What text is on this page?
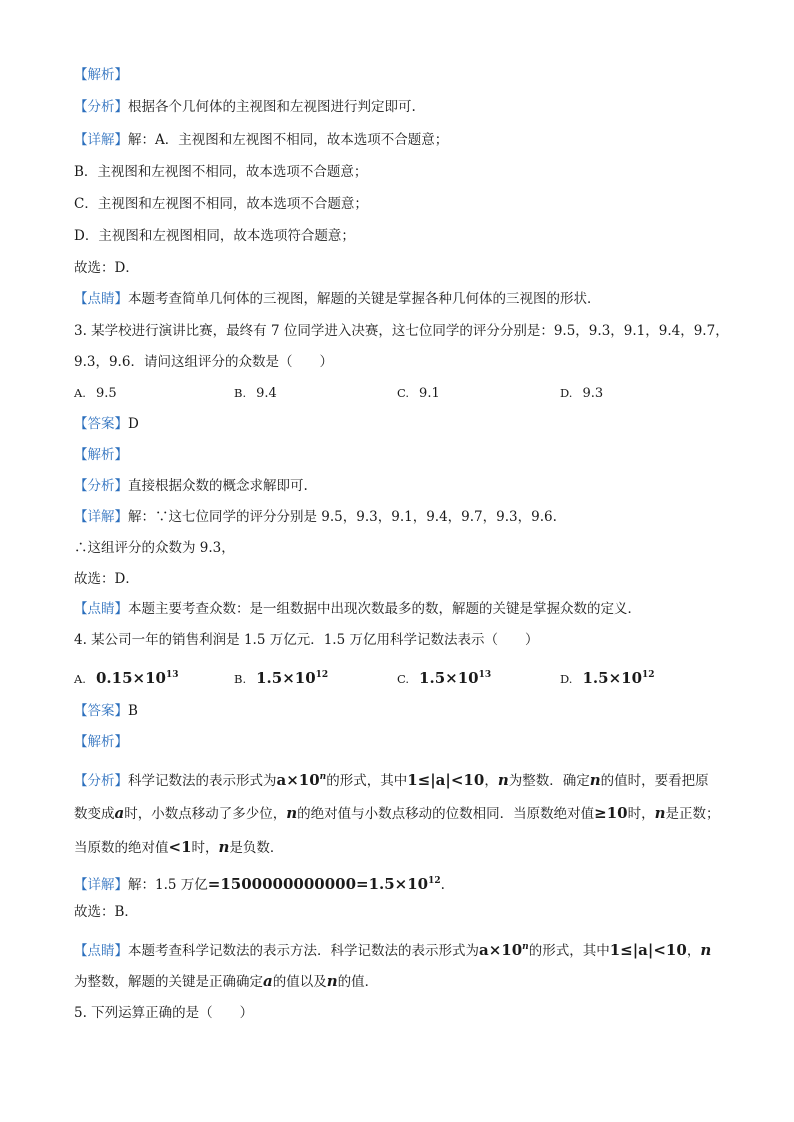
【解析】
【分析】根据各个几何体的主视图和左视图进行判定即可.
【详解】解：A．主视图和左视图不相同，故本选项不合题意；
B．主视图和左视图不相同，故本选项不合题意；
C．主视图和左视图不相同，故本选项不合题意；
D．主视图和左视图相同，故本选项符合题意；
故选：D．
【点睛】本题考查简单几何体的三视图，解题的关键是掌握各种几何体的三视图的形状．
3. 某学校进行演讲比赛，最终有 7 位同学进入决赛，这七位同学的评分分别是：9.5，9.3，9.1，9.4，9.7，
9.3，9.6．请问这组评分的众数是（　　）
A. 9.5	B. 9.4	C. 9.1	D. 9.3
【答案】D
【解析】
【分析】直接根据众数的概念求解即可.
【详解】解：∵这七位同学的评分分别是 9.5，9.3，9.1，9.4，9.7，9.3，9.6.
∴这组评分的众数为 9.3，
故选：D．
【点睛】本题主要考查众数：是一组数据中出现次数最多的数，解题的关键是掌握众数的定义．
4. 某公司一年的销售利润是 1.5 万亿元．1.5 万亿用科学记数法表示（　　）
A. $0.15\times 10^{13}$	B. $1.5\times 10^{12}$	C. $1.5\times 10^{13}$	D. $1.5\times 10^{12}$
【答案】B
【解析】
【分析】科学记数法的表示形式为$a\times 10^n$的形式，其中1≤|a|<10，n为整数．确定n的值时，要看把原
数变成a时，小数点移动了多少位，n的绝对值与小数点移动的位数相同．当原数绝对值≥10时，n是正数；
当原数的绝对值<1时，n是负数．
【详解】解：1.5 万亿$=1500000000000=1.5\times 10^{12}$.
故选：B．
【点睛】本题考查科学记数法的表示方法．科学记数法的表示形式为$a\times 10^n$的形式，其中1≤|a|<10，n
为整数，解题的关键是正确确定a的值以及n的值．
5. 下列运算正确的是（　　）
